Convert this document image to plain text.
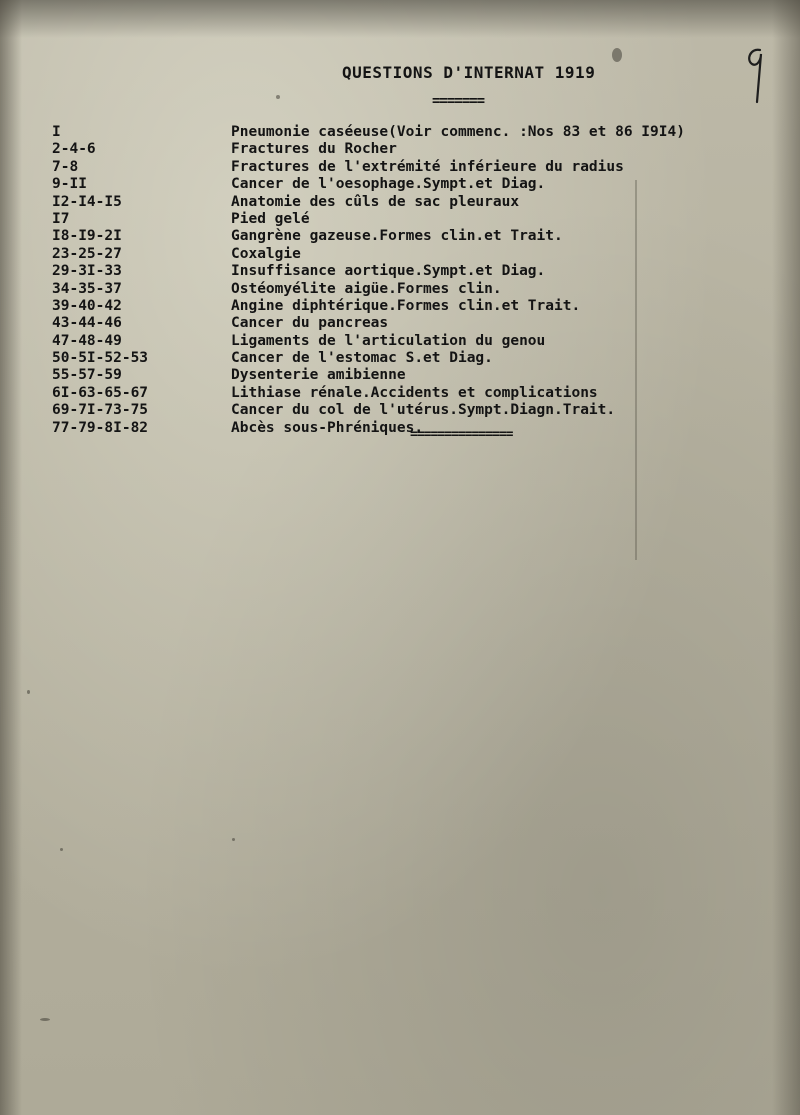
QUESTIONS D'INTERNAT 1919
=======
I	Pneumonie caséeuse(Voir commenc. :Nos 83 et 86 I9I4)
2-4-6	Fractures du Rocher
7-8	Fractures de l'extrémité inférieure du radius
9-II	Cancer de l'oesophage.Sympt.et Diag.
I2-I4-I5	Anatomie des cûls de sac pleuraux
I7	Pied gelé
I8-I9-2I	Gangrène gazeuse.Formes clin.et Trait.
23-25-27	Coxalgie
29-3I-33	Insuffisance aortique.Sympt.et Diag.
34-35-37	Ostéomyélite aigüe.Formes clin.
39-40-42	Angine diphtérique.Formes clin.et Trait.
43-44-46	Cancer du pancreas
47-48-49	Ligaments de l'articulation du genou
50-5I-52-53	Cancer de l'estomac S.et Diag.
55-57-59	Dysenterie amibienne
6I-63-65-67	Lithiase rénale.Accidents et complications
69-7I-73-75	Cancer du col de l'utérus.Sympt.Diagn.Trait.
77-79-8I-82	Abcès sous-Phréniques.
===============
